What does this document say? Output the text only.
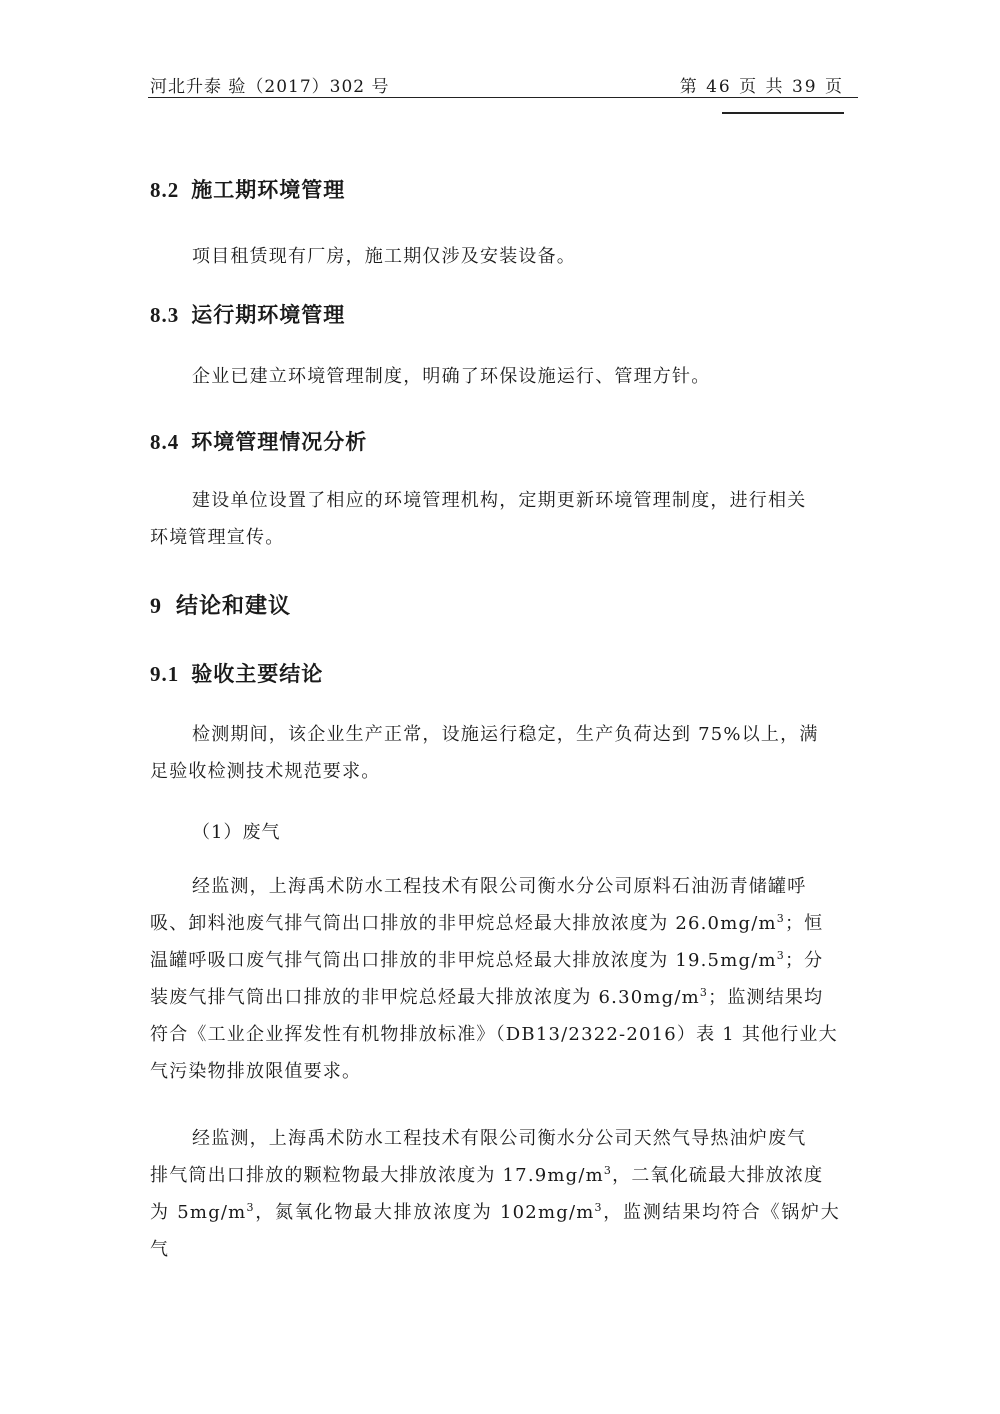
河北升泰 验（2017）302 号	第 46 页 共 39 页
8.2 施工期环境管理
项目租赁现有厂房，施工期仅涉及安装设备。
8.3 运行期环境管理
企业已建立环境管理制度，明确了环保设施运行、管理方针。
8.4 环境管理情况分析
建设单位设置了相应的环境管理机构，定期更新环境管理制度，进行相关
环境管理宣传。
9 结论和建议
9.1 验收主要结论
检测期间，该企业生产正常，设施运行稳定，生产负荷达到 75%以上，满
足验收检测技术规范要求。
（1）废气
经监测，上海禹术防水工程技术有限公司衡水分公司原料石油沥青储罐呼
吸、卸料池废气排气筒出口排放的非甲烷总烃最大排放浓度为 $26.0mg/m^3$；恒
温罐呼吸口废气排气筒出口排放的非甲烷总烃最大排放浓度为 $19.5mg/m^3$；分
装废气排气筒出口排放的非甲烷总烃最大排放浓度为 $6.30mg/m^3$；监测结果均
符合《工业企业挥发性有机物排放标准》（DB13/2322-2016）表 1 其他行业大
气污染物排放限值要求。
经监测，上海禹术防水工程技术有限公司衡水分公司天然气导热油炉废气
排气筒出口排放的颗粒物最大排放浓度为 $17.9mg/m^3$，二氧化硫最大排放浓度
为 $5mg/m^3$，氮氧化物最大排放浓度为 $102mg/m^3$，监测结果均符合《锅炉大气
